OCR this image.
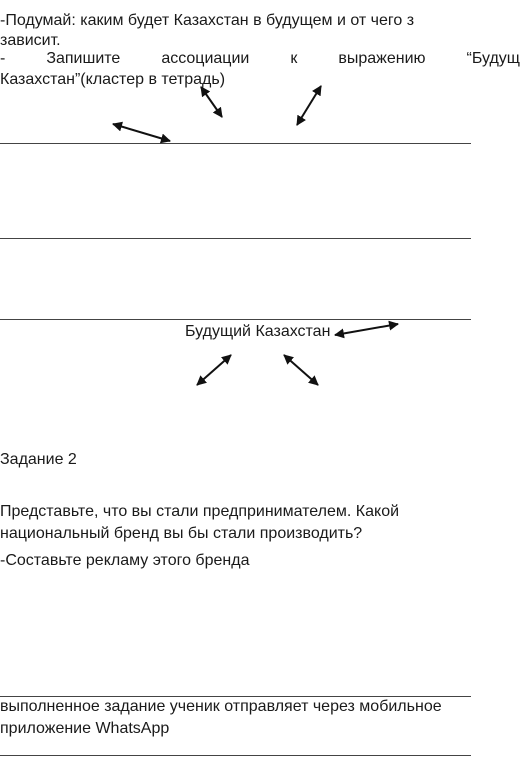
-Подумай: каким будет Казахстан в будущем и от чего з
зависит.
-	Запишите	ассоциации	к	выражению	“Будущ
Казахстан”(кластер в тетрадь)
Будущий Казахстан
Задание 2
Представьте, что вы стали предпринимателем. Какой
национальный бренд вы бы стали производить?
-Составьте рекламу этого бренда
выполненное задание ученик отправляет через мобильное
приложение WhatsApp
